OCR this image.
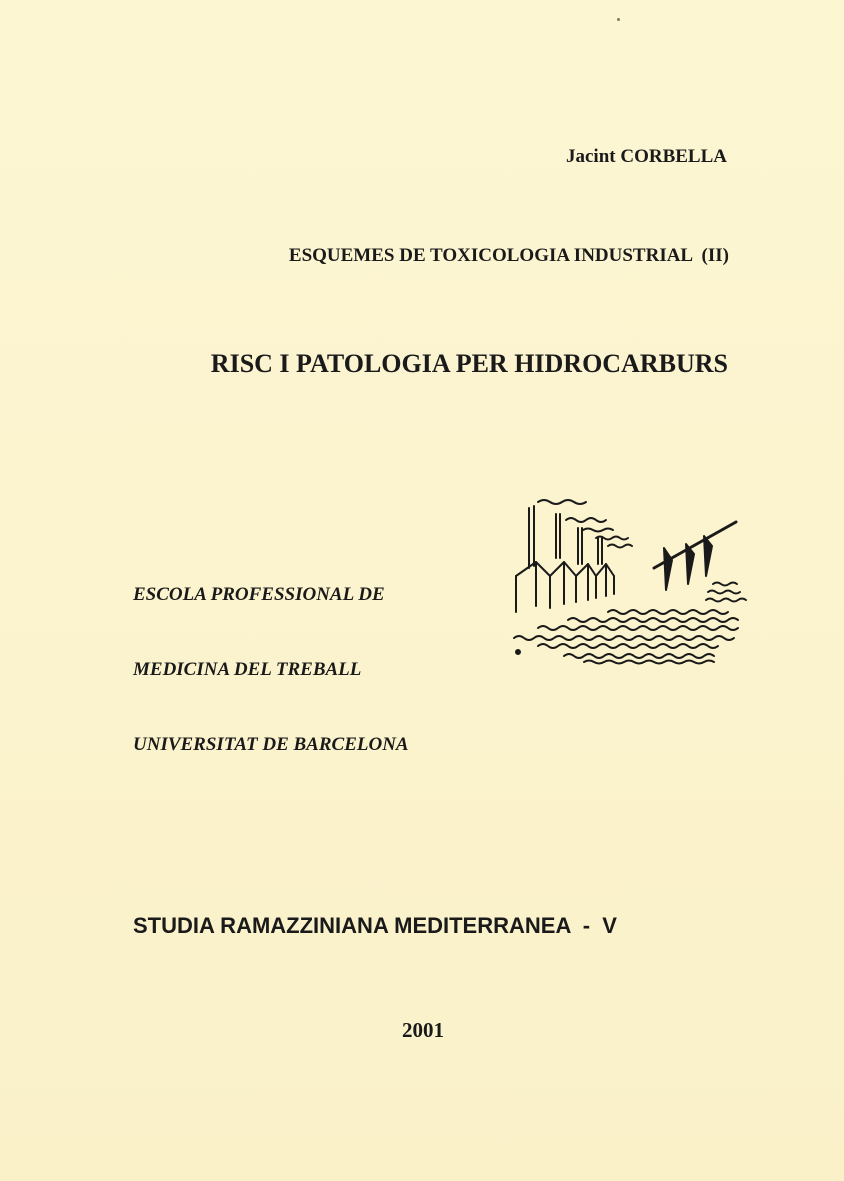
Jacint CORBELLA
ESQUEMES DE TOXICOLOGIA INDUSTRIAL  (II)
RISC I PATOLOGIA PER HIDROCARBURS
ESCOLA PROFESSIONAL DE
MEDICINA DEL TREBALL
UNIVERSITAT DE BARCELONA
STUDIA RAMAZZINIANA MEDITERRANEA  -  V
2001
